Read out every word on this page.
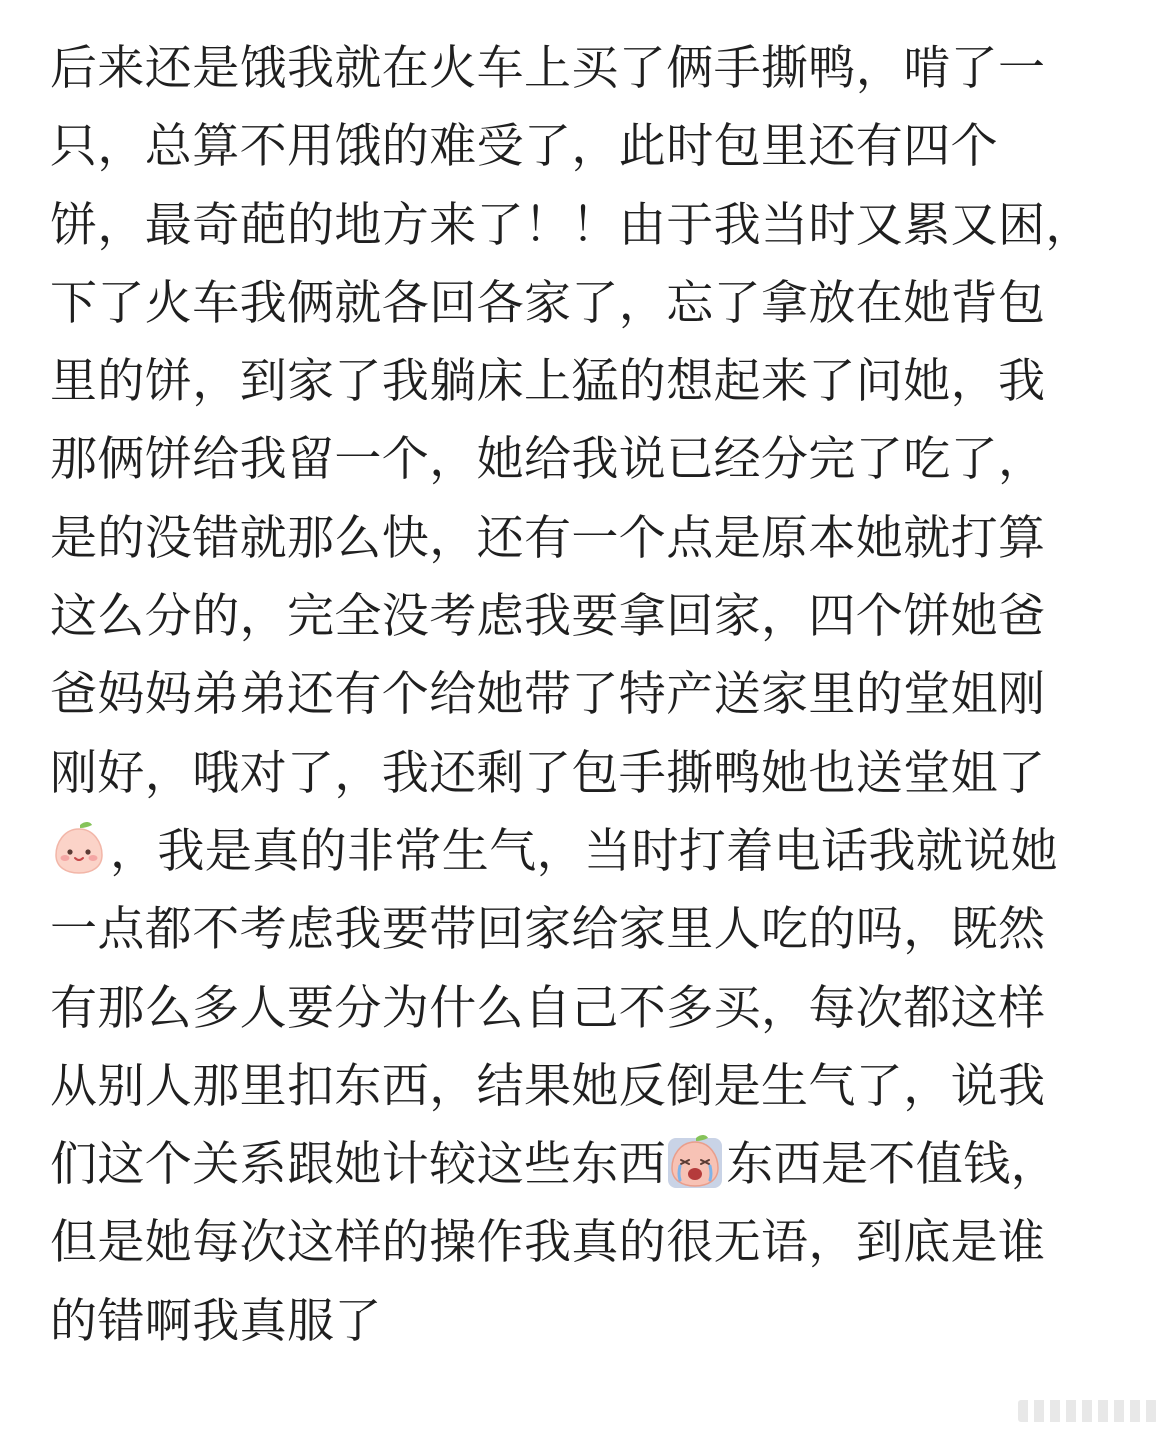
后来还是饿我就在火车上买了俩手撕鸭，啃了一
只，总算不用饿的难受了，此时包里还有四个
饼，最奇葩的地方来了！！由于我当时又累又困，
下了火车我俩就各回各家了，忘了拿放在她背包
里的饼，到家了我躺床上猛的想起来了问她，我
那俩饼给我留一个，她给我说已经分完了吃了，
是的没错就那么快，还有一个点是原本她就打算
这么分的，完全没考虑我要拿回家，四个饼她爸
爸妈妈弟弟还有个给她带了特产送家里的堂姐刚
刚好，哦对了，我还剩了包手撕鸭她也送堂姐了
，我是真的非常生气，当时打着电话我就说她
一点都不考虑我要带回家给家里人吃的吗，既然
有那么多人要分为什么自己不多买，每次都这样
从别人那里扣东西，结果她反倒是生气了，说我
们这个关系跟她计较这些东西 东西是不值钱，
但是她每次这样的操作我真的很无语，到底是谁
的错啊我真服了
